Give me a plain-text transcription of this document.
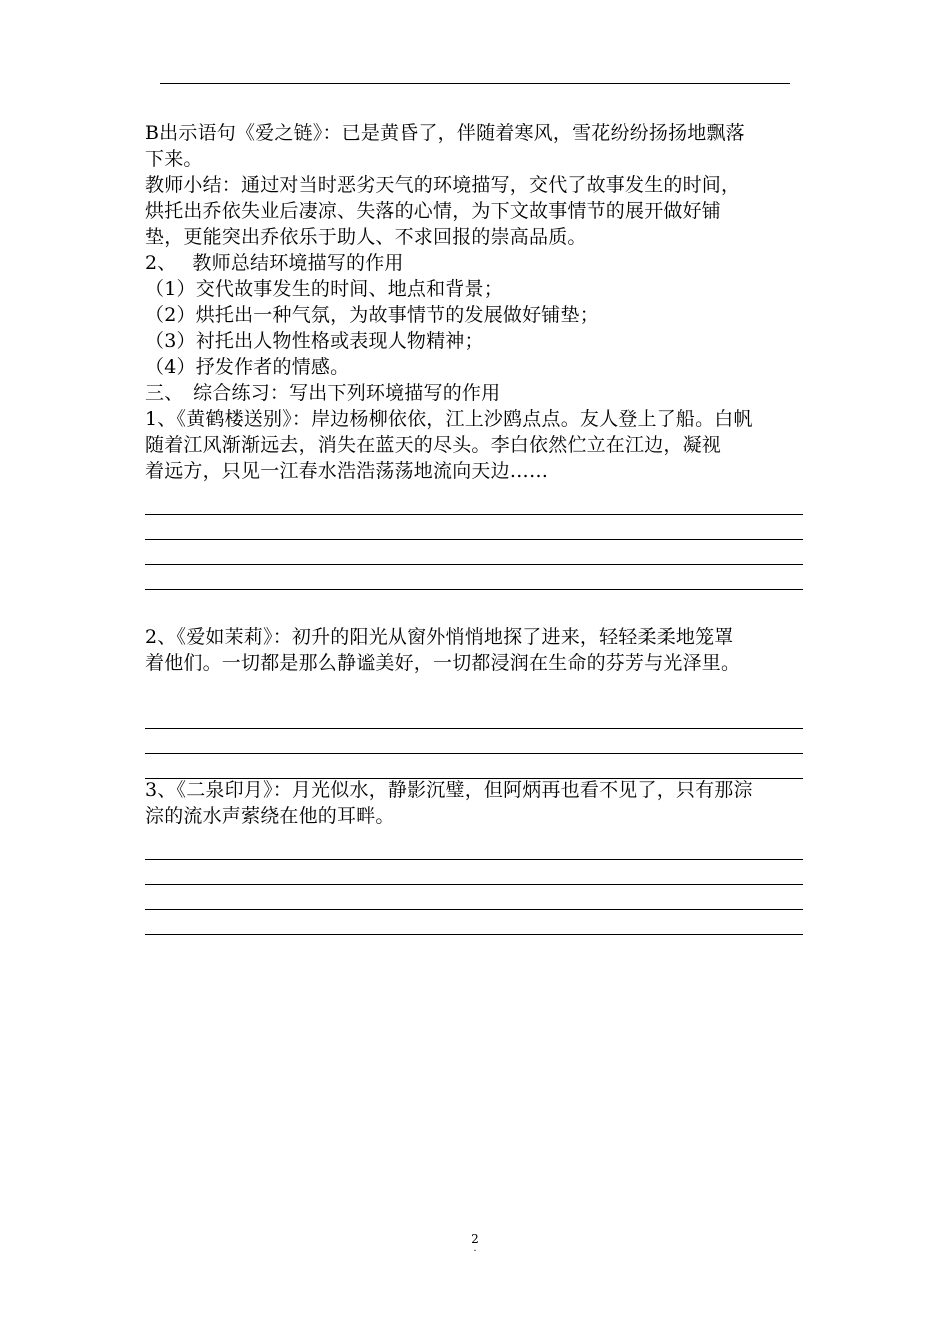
B出示语句《爱之链》：已是黄昏了，伴随着寒风，雪花纷纷扬扬地飘落
下来。
教师小结：通过对当时恶劣天气的环境描写，交代了故事发生的时间，
烘托出乔依失业后凄凉、失落的心情，为下文故事情节的展开做好铺
垫，更能突出乔依乐于助人、不求回报的崇高品质。
2、　 教师总结环境描写的作用
（1）交代故事发生的时间、地点和背景；
（2）烘托出一种气氛，为故事情节的发展做好铺垫；
（3）衬托出人物性格或表现人物精神；
（4）抒发作者的情感。
三、　综合练习：写出下列环境描写的作用
1、《黄鹤楼送别》：岸边杨柳依依，江上沙鸥点点。友人登上了船。白帆
随着江风渐渐远去，消失在蓝天的尽头。李白依然伫立在江边，凝视
着远方，只见一江春水浩浩荡荡地流向天边……
2、《爱如茉莉》：初升的阳光从窗外悄悄地探了进来，轻轻柔柔地笼罩
着他们。一切都是那么静谧美好，一切都浸润在生命的芬芳与光泽里。
3、《二泉印月》：月光似水，静影沉璧，但阿炳再也看不见了，只有那淙
淙的流水声萦绕在他的耳畔。
2
.
